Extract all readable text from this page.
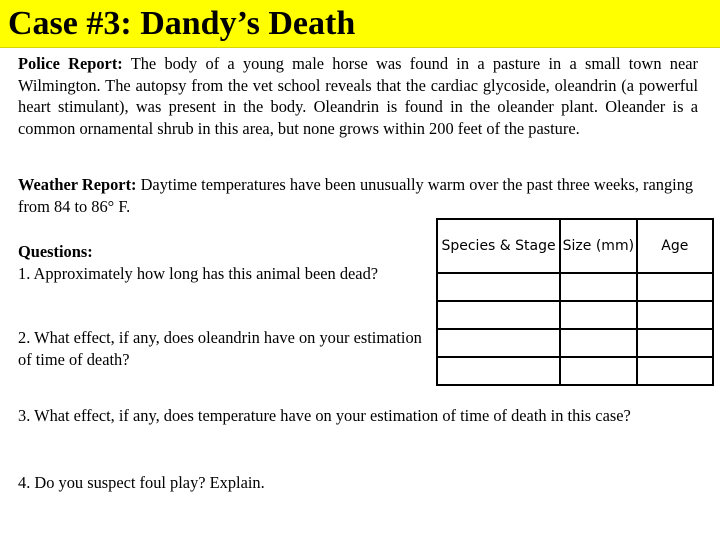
Case #3: Dandy’s Death
Police Report: The body of a young male horse was found in a pasture in a small town near Wilmington. The autopsy from the vet school reveals that the cardiac glycoside, oleandrin (a powerful heart stimulant), was present in the body. Oleandrin is found in the oleander plant. Oleander is a common ornamental shrub in this area, but none grows within 200 feet of the pasture.
Weather Report: Daytime temperatures have been unusually warm over the past three weeks, ranging from 84 to 86° F.
Questions:
1. Approximately how long has this animal been dead?
2. What effect, if any, does oleandrin have on your estimation of time of death?
3. What effect, if any, does temperature have on your estimation of time of death in this case?
4. Do you suspect foul play? Explain.
Species & Stage	Size (mm)	Age
